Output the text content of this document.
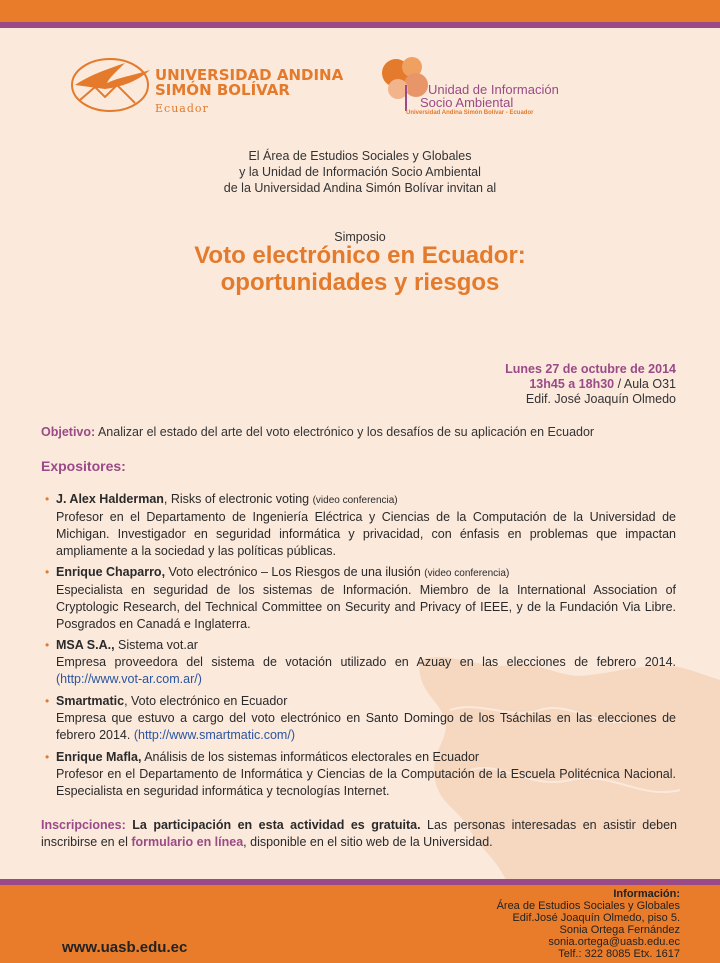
UNIVERSIDAD ANDINA
SIMÓN BOLÍVAR
Ecuador
Unidad de Información
Socio Ambiental
Universidad Andina Simón Bolívar - Ecuador
El Área de Estudios Sociales y Globales
y la Unidad de Información Socio Ambiental
de la Universidad Andina Simón Bolívar invitan al
Simposio
Voto electrónico en Ecuador:
oportunidades y riesgos
Lunes 27 de octubre de 2014
13h45 a 18h30 / Aula O31
Edif. José Joaquín Olmedo
Objetivo: Analizar el estado del arte del voto electrónico y los desafíos de su aplicación en Ecuador
Expositores:
• J. Alex Halderman, Risks of electronic voting (video conferencia)
Profesor en el Departamento de Ingeniería Eléctrica y Ciencias de la Computación de la Universidad de Michigan. Investigador en seguridad informática y privacidad, con énfasis en problemas que impactan ampliamente a la sociedad y las políticas públicas.
• Enrique Chaparro, Voto electrónico – Los Riesgos de una ilusión (video conferencia)
Especialista en seguridad de los sistemas de Información. Miembro de la International Association of Cryptologic Research, del Technical Committee on Security and Privacy of IEEE, y de la Fundación Via Libre. Posgrados en Canadá e Inglaterra.
• MSA S.A., Sistema vot.ar
Empresa proveedora del sistema de votación utilizado en Azuay en las elecciones de febrero 2014. (http://www.vot-ar.com.ar/)
• Smartmatic, Voto electrónico en Ecuador
Empresa que estuvo a cargo del voto electrónico en Santo Domingo de los Tsáchilas en las elecciones de febrero 2014. (http://www.smartmatic.com/)
• Enrique Mafla, Análisis de los sistemas informáticos electorales en Ecuador
Profesor en el Departamento de Informática y Ciencias de la Computación de la Escuela Politécnica Nacional. Especialista en seguridad informática y tecnologías Internet.
Inscripciones: La participación en esta actividad es gratuita. Las personas interesadas en asistir deben inscribirse en el formulario en línea, disponible en el sitio web de la Universidad.
www.uasb.edu.ec
Información:
Área de Estudios Sociales y Globales
Edif.José Joaquín Olmedo, piso 5.
Sonia Ortega Fernández
sonia.ortega@uasb.edu.ec
Telf.: 322 8085 Etx. 1617
